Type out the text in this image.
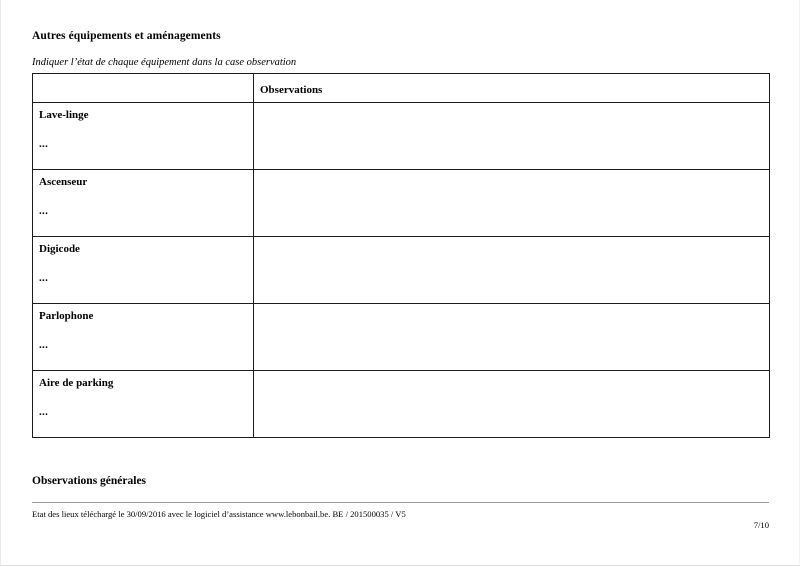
Autres équipements et aménagements

Indiquer l’état de chaque équipement dans la case observation

	Observations

Lave-linge
...	

Ascenseur
...	

Digicode
...	

Parlophone
...	

Aire de parking
...	

Observations générales
Etat des lieux téléchargé le 30/09/2016 avec le logiciel d’assistance www.lebonbail.be. BE / 201500035 / V5
7/10
